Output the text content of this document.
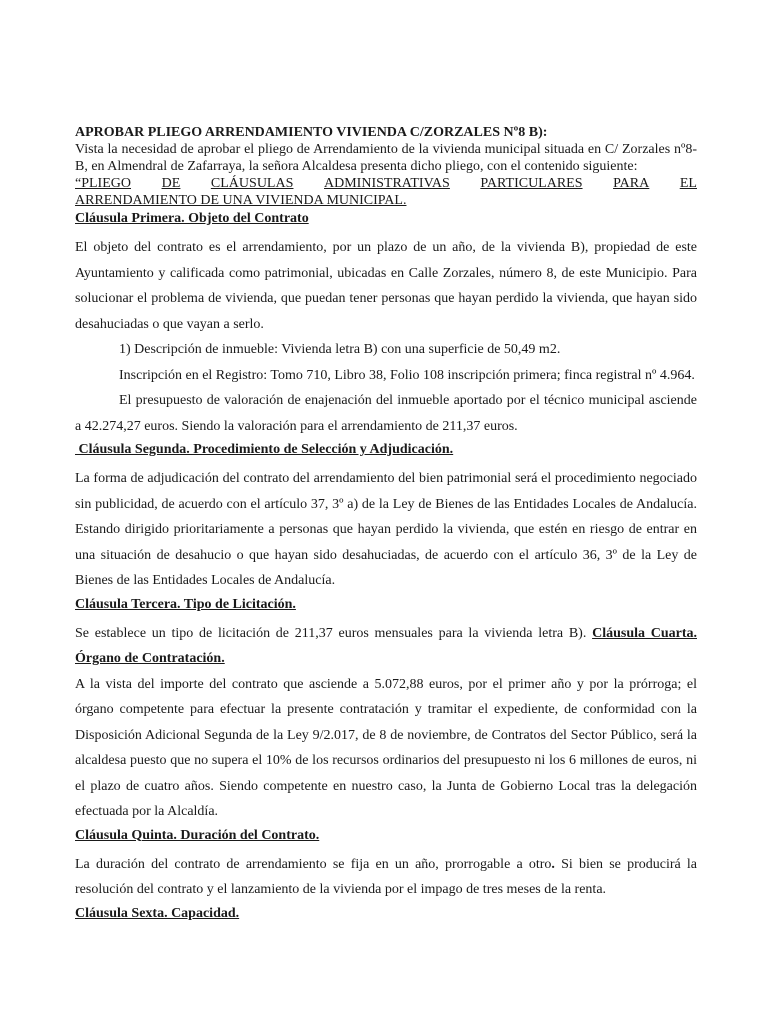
APROBAR PLIEGO ARRENDAMIENTO VIVIENDA C/ZORZALES Nº8 B):

Vista la necesidad de aprobar el pliego de Arrendamiento de la vivienda municipal situada en C/ Zorzales nº8-B, en Almendral de Zafarraya, la señora Alcaldesa presenta dicho pliego, con el contenido siguiente:

“PLIEGO DE CLÁUSULAS ADMINISTRATIVAS PARTICULARES PARA EL

ARRENDAMIENTO DE UNA VIVIENDA MUNICIPAL.

Cláusula Primera. Objeto del Contrato

El objeto del contrato es el arrendamiento, por un plazo de un año, de la vivienda B), propiedad de este Ayuntamiento y calificada como patrimonial, ubicadas en Calle Zorzales, número 8, de este Municipio. Para solucionar el problema de vivienda, que puedan tener personas que hayan perdido la vivienda, que hayan sido desahuciadas o que vayan a serlo.

1) Descripción de inmueble: Vivienda letra B) con una superficie de 50,49 m2.

Inscripción en el Registro: Tomo 710, Libro 38, Folio 108 inscripción primera; finca registral nº 4.964.

El presupuesto de valoración de enajenación del inmueble aportado por el técnico municipal asciende a 42.274,27 euros. Siendo la valoración para el arrendamiento de 211,37 euros.

Cláusula Segunda. Procedimiento de Selección y Adjudicación.

La forma de adjudicación del contrato del arrendamiento del bien patrimonial será el procedimiento negociado sin publicidad, de acuerdo con el artículo 37, 3º a) de la Ley de Bienes de las Entidades Locales de Andalucía. Estando dirigido prioritariamente a personas que hayan perdido la vivienda, que estén en riesgo de entrar en una situación de desahucio o que hayan sido desahuciadas, de acuerdo con el artículo 36, 3º de la Ley de Bienes de las Entidades Locales de Andalucía.

Cláusula Tercera. Tipo de Licitación.

Se establece un tipo de licitación de 211,37 euros mensuales para la vivienda letra B). Cláusula Cuarta. Órgano de Contratación.

A la vista del importe del contrato que asciende a 5.072,88 euros, por el primer año y por la prórroga; el órgano competente para efectuar la presente contratación y tramitar el expediente, de conformidad con la Disposición Adicional Segunda de la Ley 9/2.017, de 8 de noviembre, de Contratos del Sector Público, será la alcaldesa puesto que no supera el 10% de los recursos ordinarios del presupuesto ni los 6 millones de euros, ni el plazo de cuatro años. Siendo competente en nuestro caso, la Junta de Gobierno Local tras la delegación efectuada por la Alcaldía.

Cláusula Quinta. Duración del Contrato.

La duración del contrato de arrendamiento se fija en un año, prorrogable a otro. Si bien se producirá la resolución del contrato y el lanzamiento de la vivienda por el impago de tres meses de la renta.

Cláusula Sexta. Capacidad.
